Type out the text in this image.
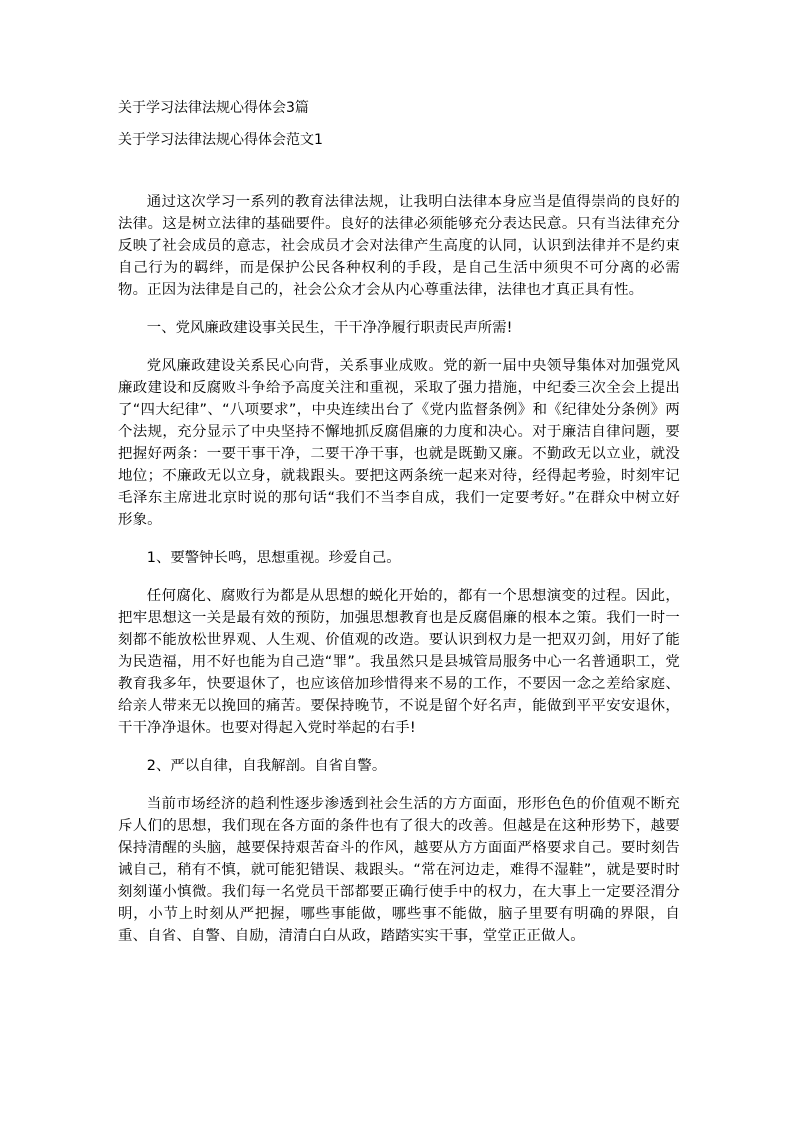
关于学习法律法规心得体会3篇
关于学习法律法规心得体会范文1

通过这次学习一系列的教育法律法规，让我明白法律本身应当是值得崇尚的良好的法律。这是树立法律的基础要件。良好的法律必须能够充分表达民意。只有当法律充分反映了社会成员的意志，社会成员才会对法律产生高度的认同，认识到法律并不是约束自己行为的羁绊，而是保护公民各种权利的手段，是自己生活中须臾不可分离的必需物。正因为法律是自己的，社会公众才会从内心尊重法律，法律也才真正具有性。

一、党风廉政建设事关民生，干干净净履行职责民声所需!

党风廉政建设关系民心向背，关系事业成败。党的新一届中央领导集体对加强党风廉政建设和反腐败斗争给予高度关注和重视，采取了强力措施，中纪委三次全会上提出了“四大纪律”、“八项要求”，中央连续出台了《党内监督条例》和《纪律处分条例》两个法规，充分显示了中央坚持不懈地抓反腐倡廉的力度和决心。对于廉洁自律问题，要把握好两条：一要干事干净，二要干净干事，也就是既勤又廉。不勤政无以立业，就没地位；不廉政无以立身，就栽跟头。要把这两条统一起来对待，经得起考验，时刻牢记毛泽东主席进北京时说的那句话“我们不当李自成，我们一定要考好。”在群众中树立好形象。

1、要警钟长鸣，思想重视。珍爱自己。

任何腐化、腐败行为都是从思想的蜕化开始的，都有一个思想演变的过程。因此，把牢思想这一关是最有效的预防，加强思想教育也是反腐倡廉的根本之策。我们一时一刻都不能放松世界观、人生观、价值观的改造。要认识到权力是一把双刃剑，用好了能为民造福，用不好也能为自己造“罪”。我虽然只是县城管局服务中心一名普通职工，党教育我多年，快要退休了，也应该倍加珍惜得来不易的工作，不要因一念之差给家庭、给亲人带来无以挽回的痛苦。要保持晚节，不说是留个好名声，能做到平平安安退休，干干净净退休。也要对得起入党时举起的右手!

2、严以自律，自我解剖。自省自警。

当前市场经济的趋利性逐步渗透到社会生活的方方面面，形形色色的价值观不断充斥人们的思想，我们现在各方面的条件也有了很大的改善。但越是在这种形势下，越要保持清醒的头脑，越要保持艰苦奋斗的作风，越要从方方面面严格要求自己。要时刻告诫自己，稍有不慎，就可能犯错误、栽跟头。“常在河边走，难得不湿鞋”，就是要时时刻刻谨小慎微。我们每一名党员干部都要正确行使手中的权力，在大事上一定要泾渭分明，小节上时刻从严把握，哪些事能做，哪些事不能做，脑子里要有明确的界限，自重、自省、自警、自励，清清白白从政，踏踏实实干事，堂堂正正做人。
